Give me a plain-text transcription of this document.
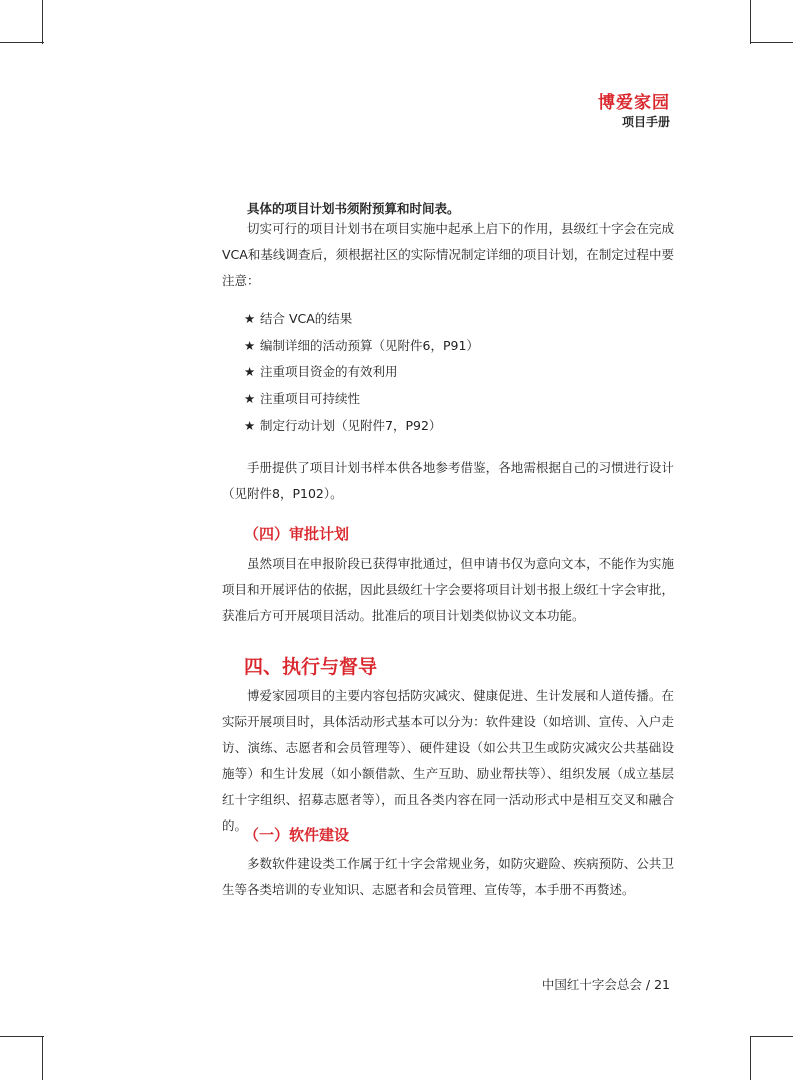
博爱家园
项目手册
具体的项目计划书须附预算和时间表。
切实可行的项目计划书在项目实施中起承上启下的作用，县级红十字会在完成VCA和基线调查后，须根据社区的实际情况制定详细的项目计划，在制定过程中要注意：
★ 结合 VCA的结果
★ 编制详细的活动预算（见附件6，P91）
★ 注重项目资金的有效利用
★ 注重项目可持续性
★ 制定行动计划（见附件7，P92）
手册提供了项目计划书样本供各地参考借鉴，各地需根据自己的习惯进行设计（见附件8，P102）。
（四）审批计划
虽然项目在申报阶段已获得审批通过，但申请书仅为意向文本，不能作为实施项目和开展评估的依据，因此县级红十字会要将项目计划书报上级红十字会审批，获准后方可开展项目活动。批准后的项目计划类似协议文本功能。
四、执行与督导
博爱家园项目的主要内容包括防灾减灾、健康促进、生计发展和人道传播。在实际开展项目时，具体活动形式基本可以分为：软件建设（如培训、宣传、入户走访、演练、志愿者和会员管理等）、硬件建设（如公共卫生或防灾减灾公共基础设施等）和生计发展（如小额借款、生产互助、励业帮扶等）、组织发展（成立基层红十字组织、招募志愿者等），而且各类内容在同一活动形式中是相互交叉和融合的。
（一）软件建设
多数软件建设类工作属于红十字会常规业务，如防灾避险、疾病预防、公共卫生等各类培训的专业知识、志愿者和会员管理、宣传等，本手册不再赘述。
中国红十字会总会 / 21
